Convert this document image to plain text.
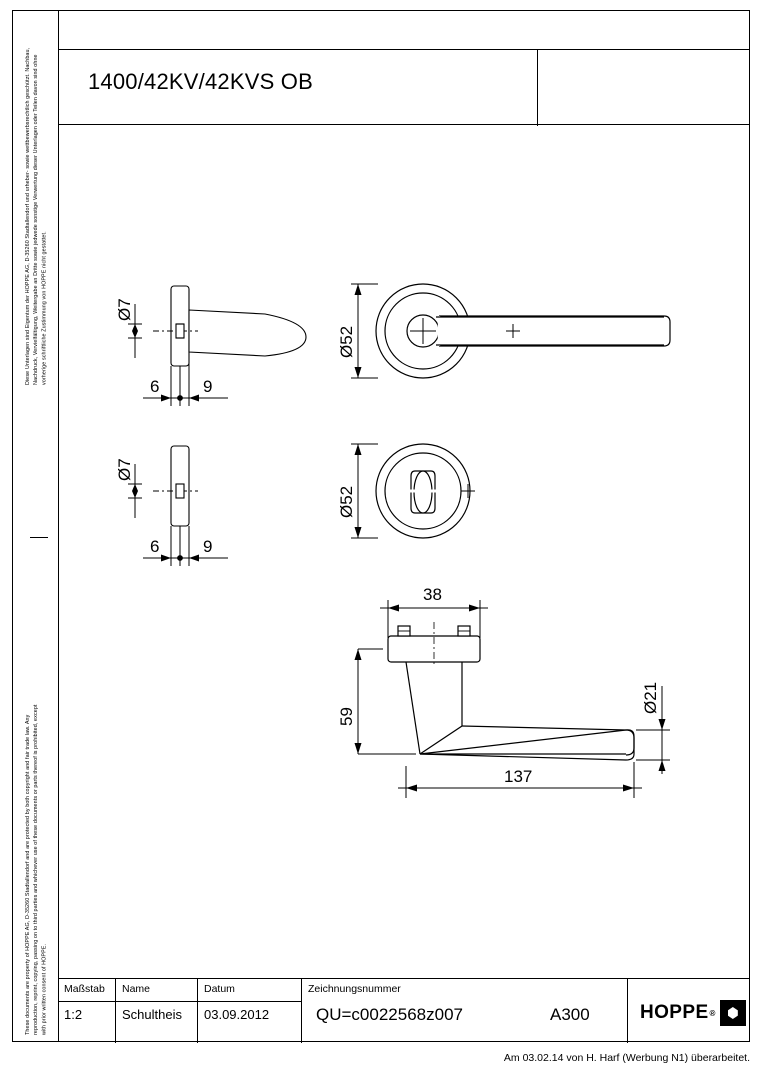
1400/42KV/42KVS OB
Diese Unterlagen sind Eigentum der HOPPE AG, D-35260 Stadtallendorf und urheber- sowie wettbewerbsrechtlich geschützt. Nachbau, Nachdruck, Vervielfältigung, Weitergabe an Dritte sowie jedwede sonstige Verwertung dieser Unterlagen oder Teilen davon sind ohne vorherige schriftliche Zustimmung von HOPPE nicht gestattet.
These documents are property of HOPPE AG, D-35260 Stadtallendorf and are protected by both copyright and fair trade law. Any reproduction, reprint, copying, passing on to third parties and whichever use of these documents or parts thereof is prohibited, except with prior written consent of HOPPE.
Ø7
6	9
Ø7
6	9
Ø52
Ø52
38
59
137
Ø21
Maßstab
1:2
Name
Schultheis
Datum
03.09.2012
Zeichnungsnummer
QU=c0022568z007	A300	HOPPE ®
Am 03.02.14 von H. Harf (Werbung N1) überarbeitet.
